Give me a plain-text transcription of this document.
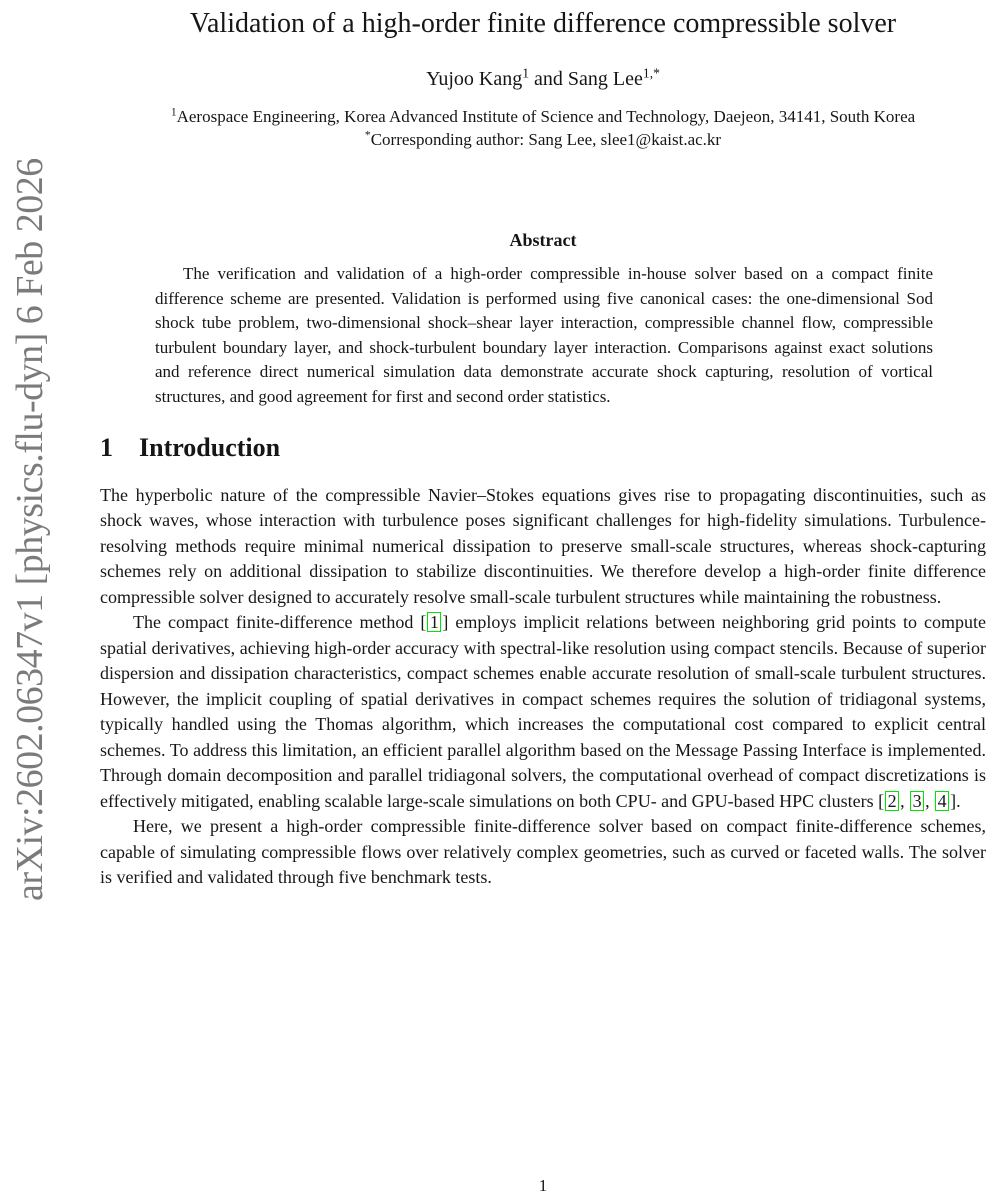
arXiv:2602.06347v1 [physics.flu-dyn] 6 Feb 2026
Validation of a high-order finite difference compressible solver
Yujoo Kang$^1$ and Sang Lee$^{1,*}$
$^1$Aerospace Engineering, Korea Advanced Institute of Science and Technology, Daejeon, 34141, South Korea
*Corresponding author: Sang Lee, slee1@kaist.ac.kr
Abstract
The verification and validation of a high-order compressible in-house solver based on a compact finite difference scheme are presented. Validation is performed using five canonical cases: the one-dimensional Sod shock tube problem, two-dimensional shock–shear layer interaction, compressible channel flow, compressible turbulent boundary layer, and shock-turbulent boundary layer interaction. Comparisons against exact solutions and reference direct numerical simulation data demonstrate accurate shock capturing, resolution of vortical structures, and good agreement for first and second order statistics.
1 Introduction

The hyperbolic nature of the compressible Navier–Stokes equations gives rise to propagating discontinuities, such as shock waves, whose interaction with turbulence poses significant challenges for high-fidelity simulations. Turbulence-resolving methods require minimal numerical dissipation to preserve small-scale structures, whereas shock-capturing schemes rely on additional dissipation to stabilize discontinuities. We therefore develop a high-order finite difference compressible solver designed to accurately resolve small-scale turbulent structures while maintaining the robustness.

The compact finite-difference method [ 1 ] employs implicit relations between neighboring grid points to compute spatial derivatives, achieving high-order accuracy with spectral-like resolution using compact stencils. Because of superior dispersion and dissipation characteristics, compact schemes enable accurate resolution of small-scale turbulent structures. However, the implicit coupling of spatial derivatives in compact schemes requires the solution of tridiagonal systems, typically handled using the Thomas algorithm, which increases the computational cost compared to explicit central schemes. To address this limitation, an efficient parallel algorithm based on the Message Passing Interface is implemented. Through domain decomposition and parallel tridiagonal solvers, the computational overhead of compact discretizations is effectively mitigated, enabling scalable large-scale simulations on both CPU- and GPU-based HPC clusters [ 2 , 3 , 4 ].

Here, we present a high-order compressible finite-difference solver based on compact finite-difference schemes, capable of simulating compressible flows over relatively complex geometries, such as curved or faceted walls. The solver is verified and validated through five benchmark tests.

1
